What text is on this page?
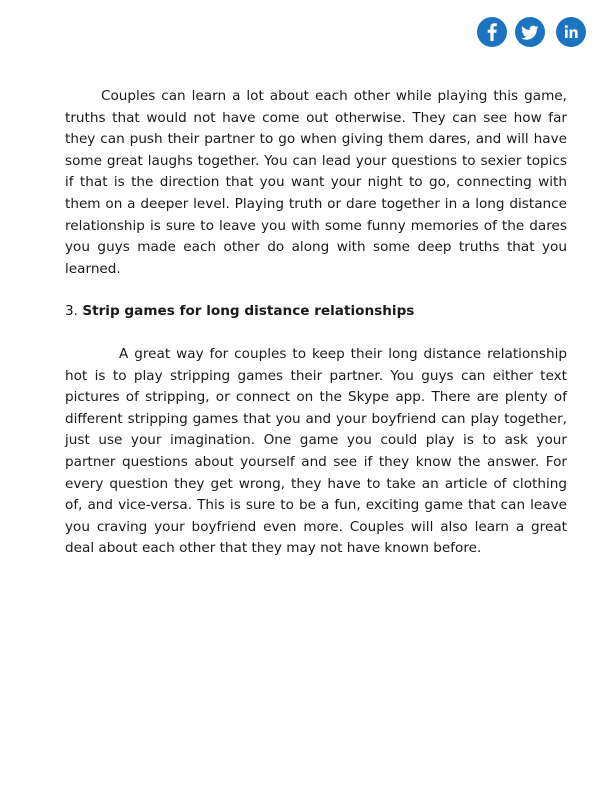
Couples can learn a lot about each other while playing this game, truths that would not have come out otherwise. They can see how far they can push their partner to go when giving them dares, and will have some great laughs together. You can lead your questions to sexier topics if that is the direction that you want your night to go, connecting with them on a deeper level. Playing truth or dare together in a long distance relationship is sure to leave you with some funny memories of the dares you guys made each other do along with some deep truths that you learned.

3. Strip games for long distance relationships

A great way for couples to keep their long distance relationship hot is to play stripping games their partner. You guys can either text pictures of stripping, or connect on the Skype app. There are plenty of different stripping games that you and your boyfriend can play together, just use your imagination. One game you could play is to ask your partner questions about yourself and see if they know the answer. For every question they get wrong, they have to take an article of clothing of, and vice-versa. This is sure to be a fun, exciting game that can leave you craving your boyfriend even more. Couples will also learn a great deal about each other that they may not have known before.
